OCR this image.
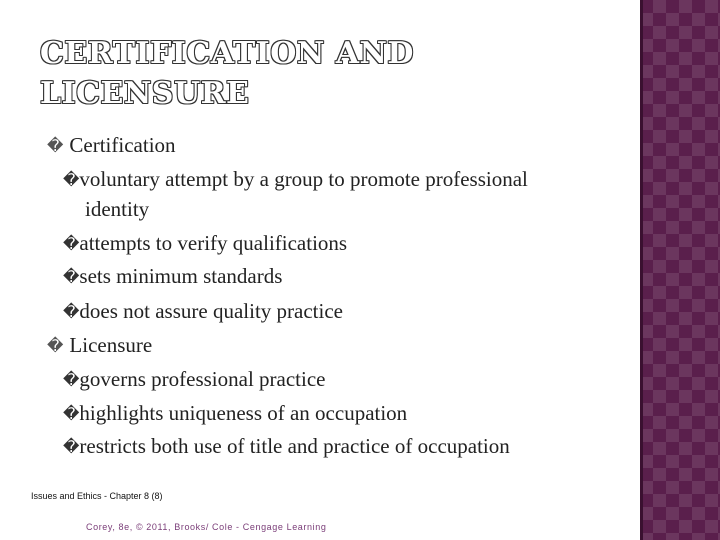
CERTIFICATION AND
LICENSURE

� Certification

�voluntary attempt by a group to promote professional

identity

�attempts to verify qualifications

�sets minimum standards

�does not assure quality practice

� Licensure

�governs professional practice

�highlights uniqueness of an occupation

�restricts both use of title and practice of occupation

Issues and Ethics - Chapter 8 (8)

Corey, 8e, © 2011, Brooks/ Cole - Cengage Learning
